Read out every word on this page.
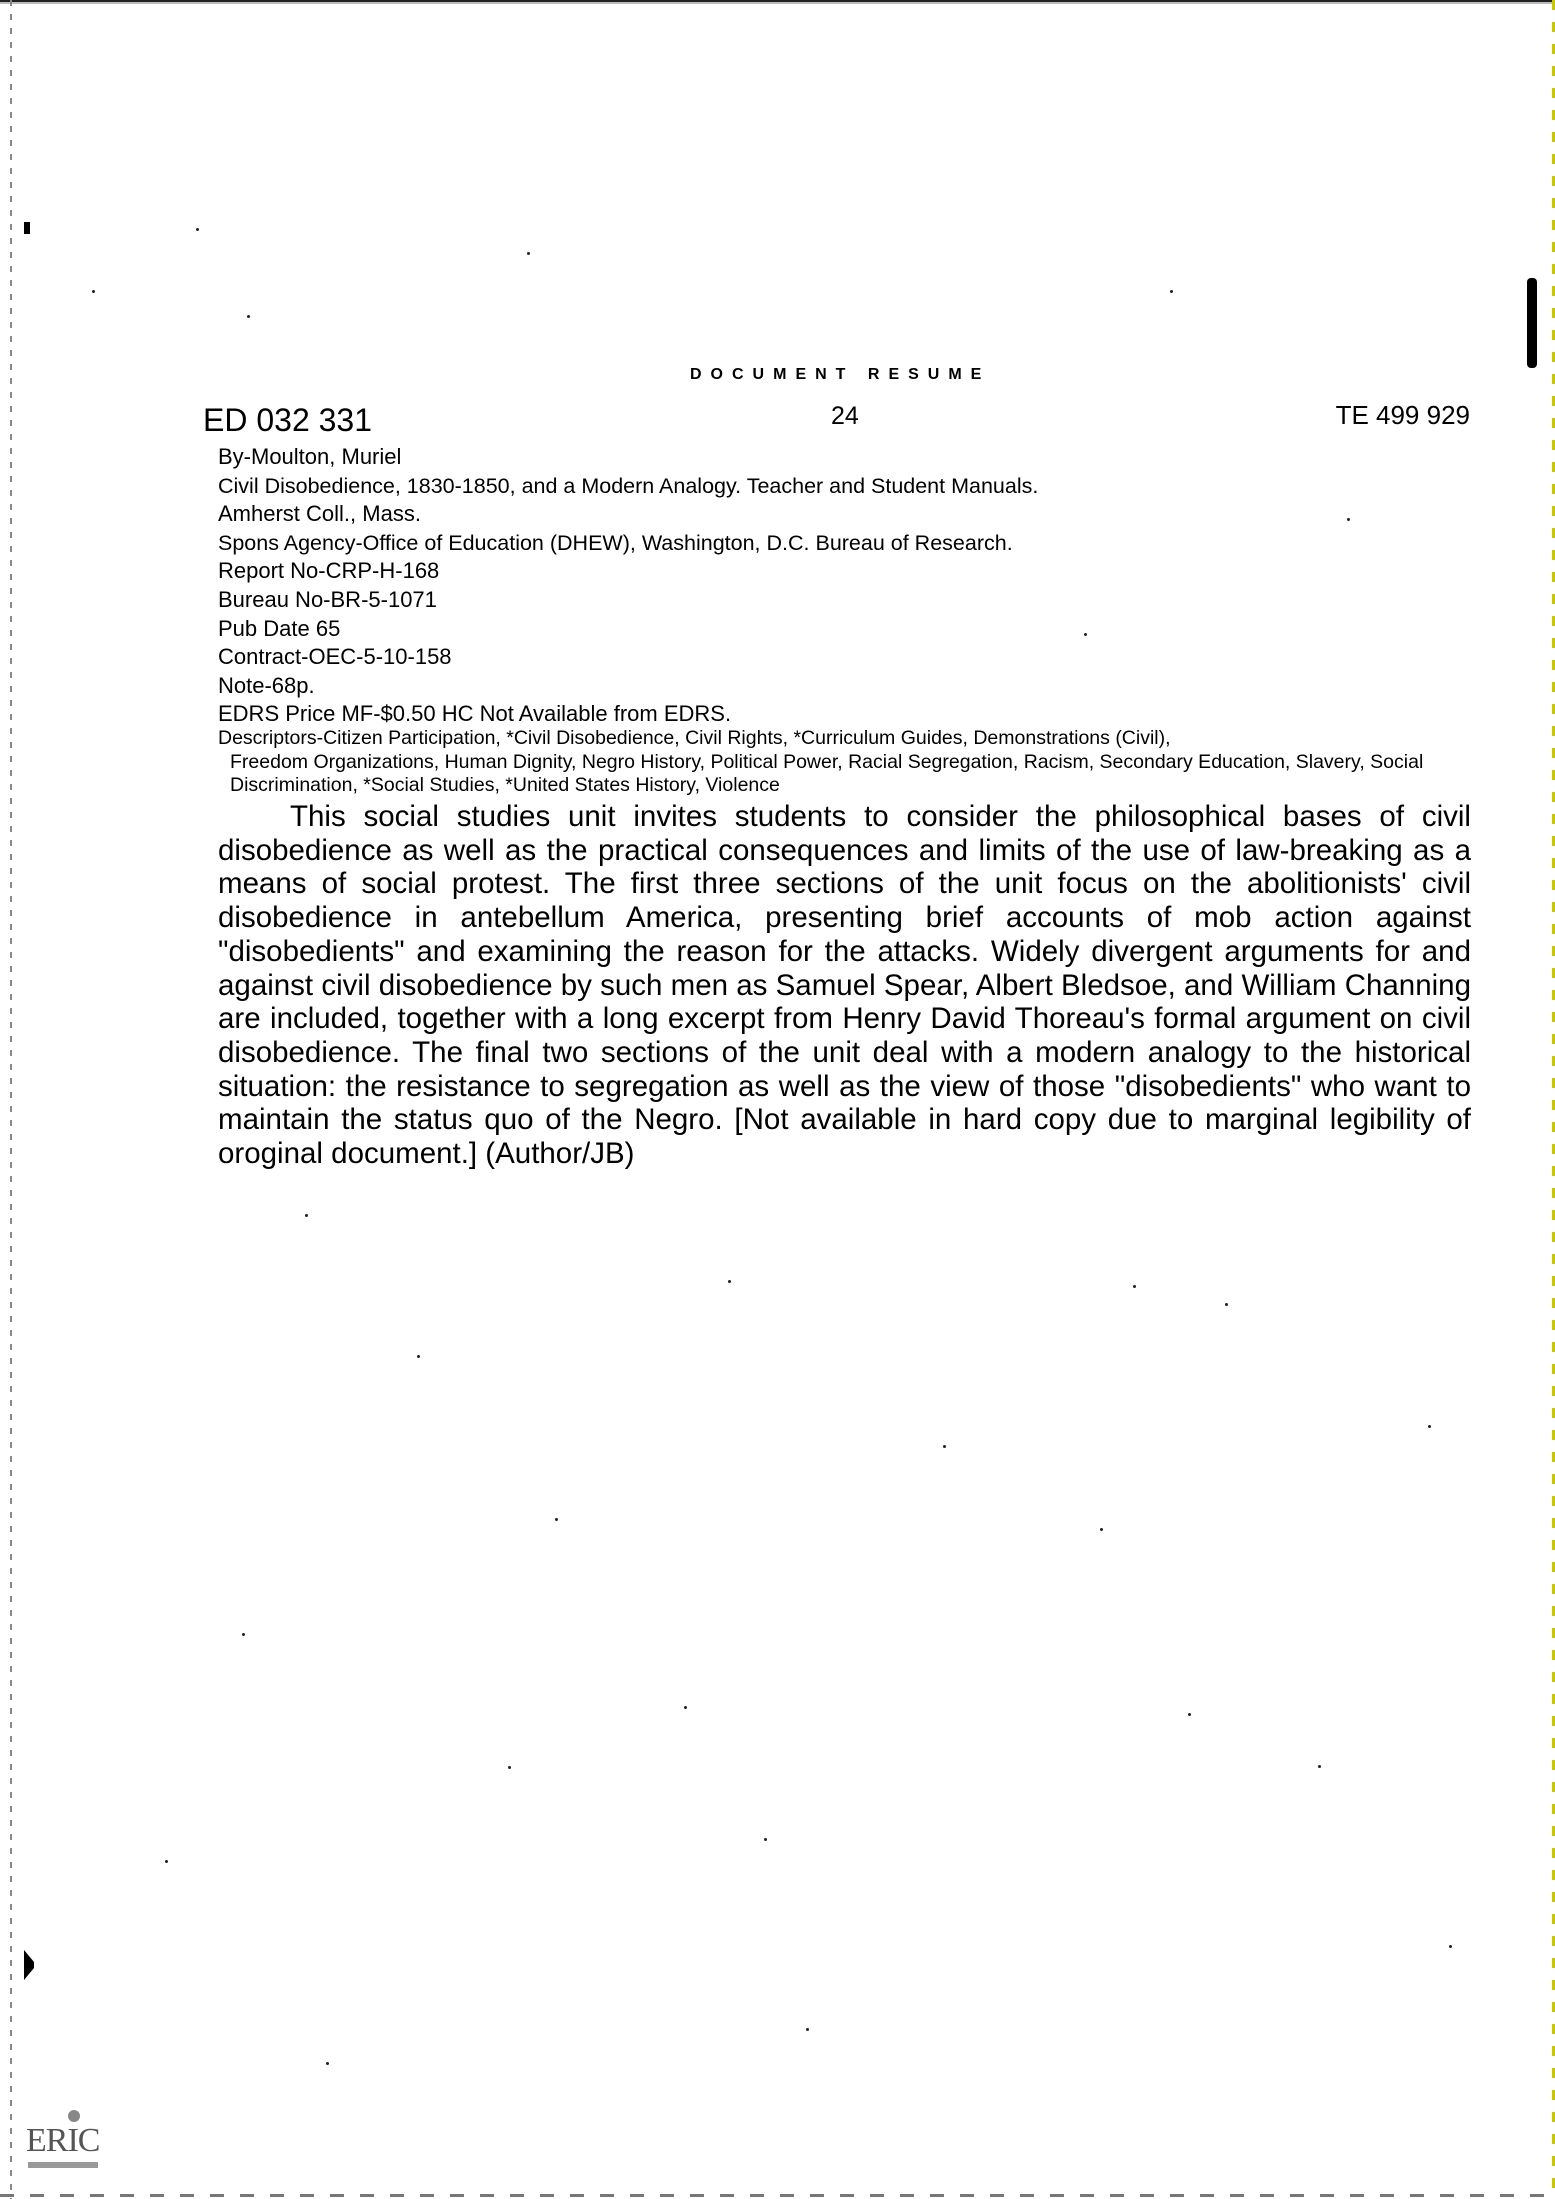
DOCUMENT RESUME
ED 032 331	24	TE 499 929
By-Moulton, Muriel
Civil Disobedience, 1830-1850, and a Modern Analogy. Teacher and Student Manuals.
Amherst Coll., Mass.
Spons Agency-Office of Education (DHEW), Washington, D.C. Bureau of Research.
Report No-CRP-H-168
Bureau No-BR-5-1071
Pub Date 65
Contract-OEC-5-10-158
Note-68p.
EDRS Price MF-$0.50 HC Not Available from EDRS.
Descriptors-Citizen Participation, *Civil Disobedience, Civil Rights, *Curriculum Guides, Demonstrations (Civil),
Freedom Organizations, Human Dignity, Negro History, Political Power, Racial Segregation, Racism, Secondary Education, Slavery, Social Discrimination, *Social Studies, *United States History, Violence

This social studies unit invites students to consider the philosophical bases of civil disobedience as well as the practical consequences and limits of the use of law-breaking as a means of social protest. The first three sections of the unit focus on the abolitionists' civil disobedience in antebellum America, presenting brief accounts of mob action against "disobedients" and examining the reason for the attacks. Widely divergent arguments for and against civil disobedience by such men as Samuel Spear, Albert Bledsoe, and William Channing are included, together with a long excerpt from Henry David Thoreau's formal argument on civil disobedience. The final two sections of the unit deal with a modern analogy to the historical situation: the resistance to segregation as well as the view of those "disobedients" who want to maintain the status quo of the Negro. [Not available in hard copy due to marginal legibility of oroginal document.] (Author/JB)

ERIC
